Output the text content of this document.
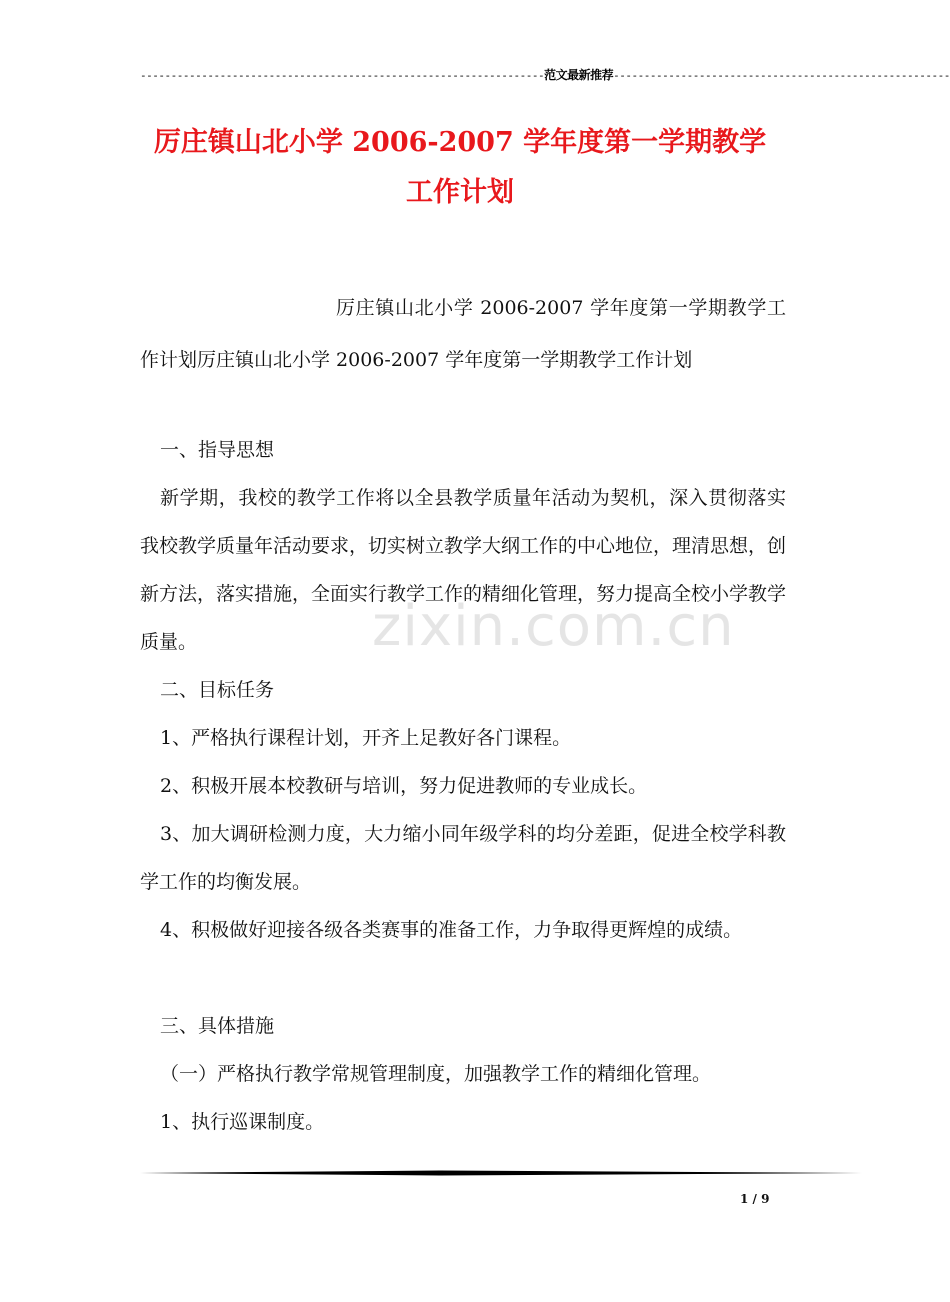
------------------------------------------------------------------范文最新推荐-------------------------------------------------------
厉庄镇山北小学 2006-2007 学年度第一学期教学
工作计划
厉庄镇山北小学 2006-2007 学年度第一学期教学工作计划厉庄镇山北小学 2006-2007 学年度第一学期教学工作计划
一、指导思想
新学期，我校的教学工作将以全县教学质量年活动为契机，深入贯彻落实我校教学质量年活动要求，切实树立教学大纲工作的中心地位，理清思想，创新方法，落实措施，全面实行教学工作的精细化管理，努力提高全校小学教学质量。
二、目标任务
1、严格执行课程计划，开齐上足教好各门课程。
2、积极开展本校教研与培训，努力促进教师的专业成长。
3、加大调研检测力度，大力缩小同年级学科的均分差距，促进全校学科教学工作的均衡发展。
4、积极做好迎接各级各类赛事的准备工作，力争取得更辉煌的成绩。
三、具体措施
（一）严格执行教学常规管理制度，加强教学工作的精细化管理。
1、执行巡课制度。
zixin.com.cn
1 / 9
